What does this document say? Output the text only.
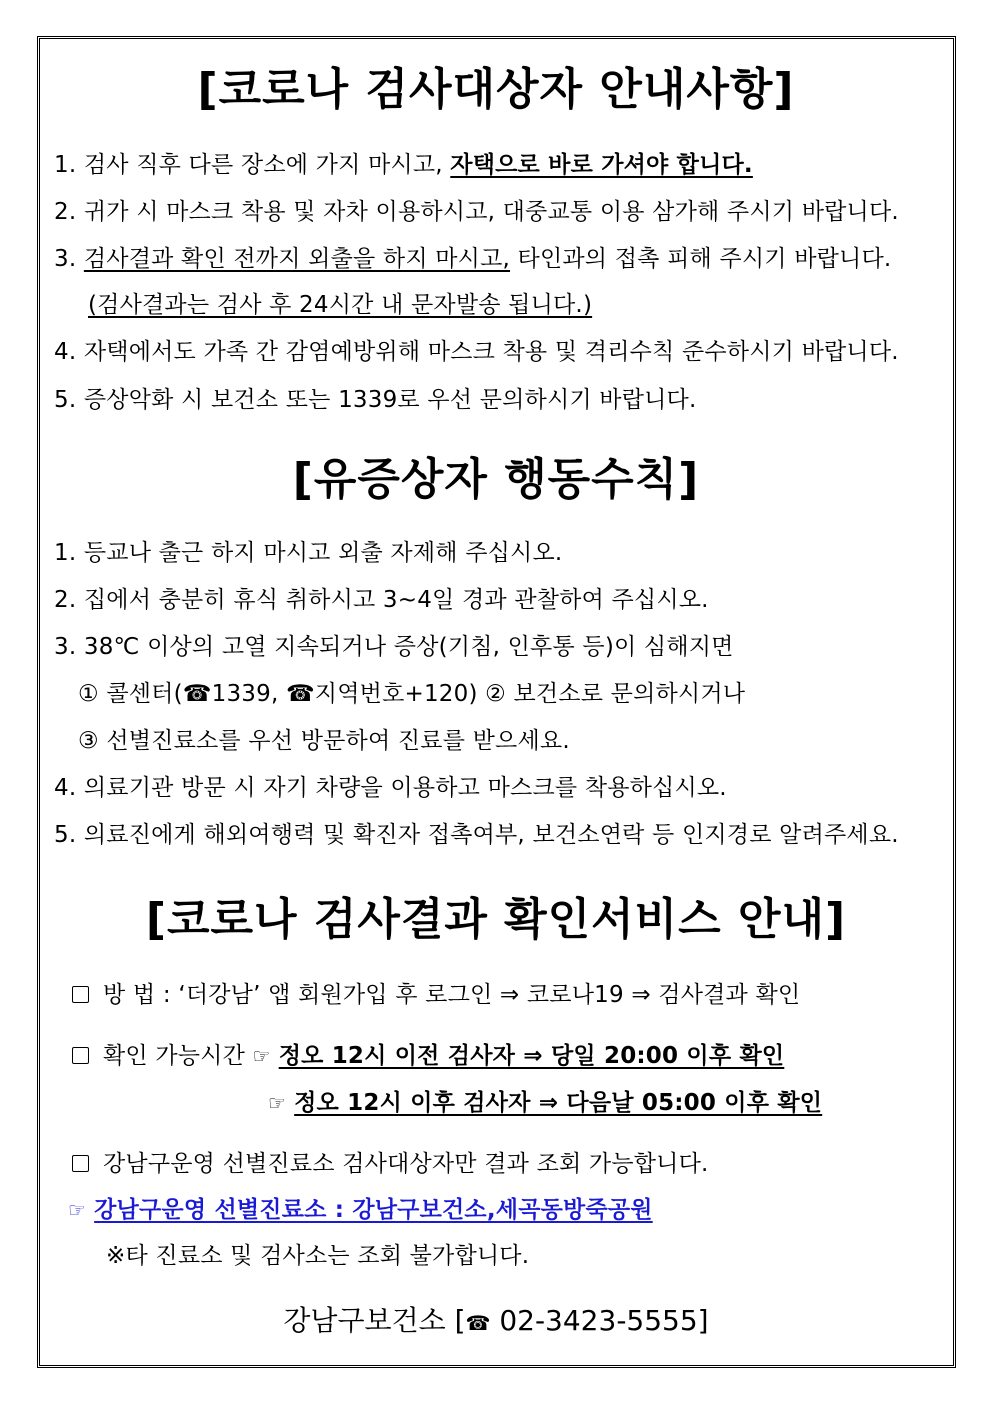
[코로나 검사대상자 안내사항]
1. 검사 직후 다른 장소에 가지 마시고, 자택으로 바로 가셔야 합니다.
2. 귀가 시 마스크 착용 및 자차 이용하시고, 대중교통 이용 삼가해 주시기 바랍니다.
3. 검사결과 확인 전까지 외출을 하지 마시고, 타인과의 접촉 피해 주시기 바랍니다.
(검사결과는 검사 후 24시간 내 문자발송 됩니다.)
4. 자택에서도 가족 간 감염예방위해 마스크 착용 및 격리수칙 준수하시기 바랍니다.
5. 증상악화 시 보건소 또는 1339로 우선 문의하시기 바랍니다.
[유증상자 행동수칙]
1. 등교나 출근 하지 마시고 외출 자제해 주십시오.
2. 집에서 충분히 휴식 취하시고 3~4일 경과 관찰하여 주십시오.
3. 38℃ 이상의 고열 지속되거나 증상(기침, 인후통 등)이 심해지면
① 콜센터(☎1339, ☎지역번호+120) ② 보건소로 문의하시거나
③ 선별진료소를 우선 방문하여 진료를 받으세요.
4. 의료기관 방문 시 자기 차량을 이용하고 마스크를 착용하십시오.
5. 의료진에게 해외여행력 및 확진자 접촉여부, 보건소연락 등 인지경로 알려주세요.
[코로나 검사결과 확인서비스 안내]
방 법 : ‘더강남’ 앱 회원가입 후 로그인 ⇒ 코로나19 ⇒ 검사결과 확인
확인 가능시간 ☞ 정오 12시 이전 검사자 ⇒ 당일 20:00 이후 확인
☞ 정오 12시 이후 검사자 ⇒ 다음날 05:00 이후 확인
강남구운영 선별진료소 검사대상자만 결과 조회 가능합니다.
☞ 강남구운영 선별진료소 : 강남구보건소,세곡동방죽공원
※타 진료소 및 검사소는 조회 불가합니다.
강남구보건소 [☎ 02-3423-5555]
